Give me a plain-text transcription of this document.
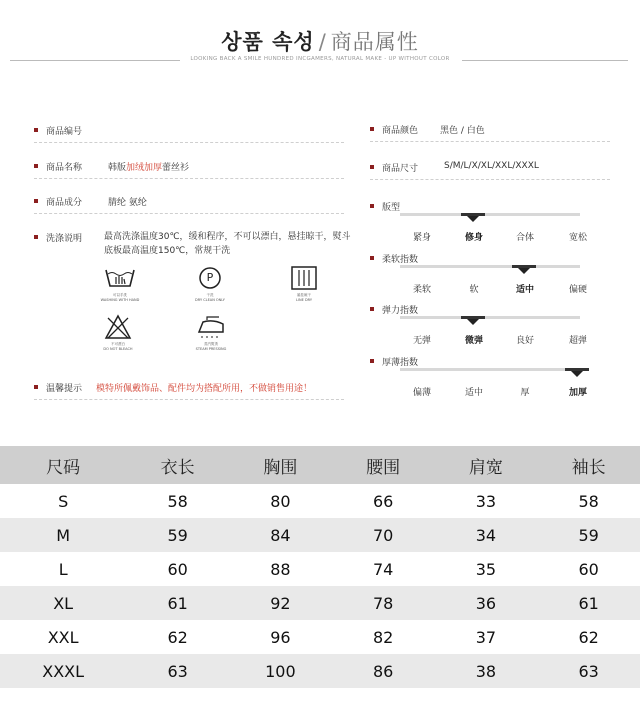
상품 속성 / 商品属性
LOOKING BACK A SMILE HUNDRED INCGAMERS, NATURAL MAKE - UP WITHOUT COLOR
商品编号
商品名称	韩版加绒加厚蕾丝衫
商品成分	腈纶 氨纶
洗涤说明 最高洗涤温度30℃，缓和程序，不可以漂白，悬挂晾干，熨斗底板最高温度150℃，常规干洗
可以手洗
WASHING WITH HAND
P
干洗
DRY CLEAN ONLY
悬挂晾干
LINE DRY
不可漂白
DO NOT BLEACH
蒸汽熨烫
STEAM PRESSING
温馨提示 模特所佩戴饰品、配件均为搭配所用，不做销售用途！
商品颜色 黑色 / 白色
商品尺寸	S/M/L/X/XL/XXL/XXXL
版型
紧身	修身	合体	宽松
柔软指数
柔软	软	适中	偏硬
弹力指数
无弹	微弹	良好	超弹
厚薄指数
偏薄	适中	厚	加厚
尺码	衣长	胸围	腰围	肩宽	袖长
S	58	80	66	33	58
M	59	84	70	34	59
L	60	88	74	35	60
XL	61	92	78	36	61
XXL	62	96	82	37	62
XXXL	63	100	86	38	63
